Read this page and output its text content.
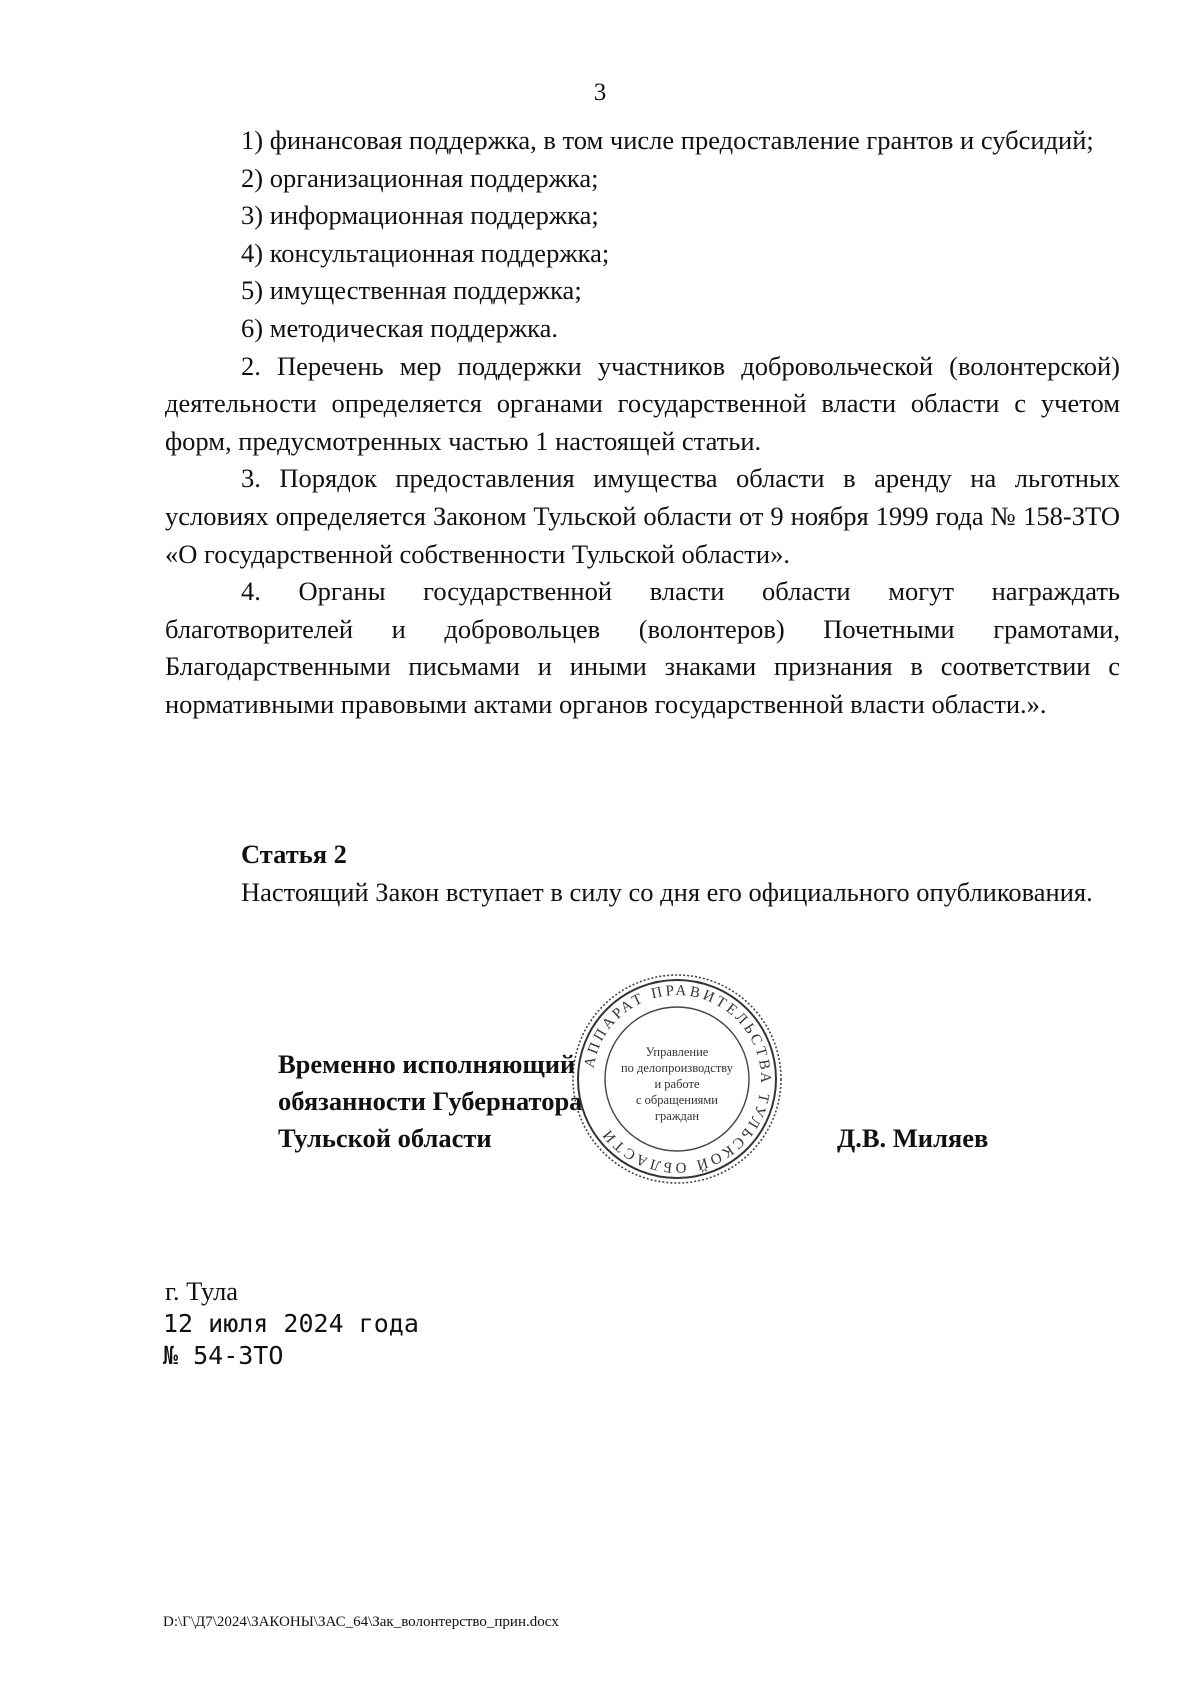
3

1) финансовая поддержка, в том числе предоставление грантов и субсидий;

2) организационная поддержка;

3) информационная поддержка;

4) консультационная поддержка;

5) имущественная поддержка;

6) методическая поддержка.

2. Перечень мер поддержки участников добровольческой (волонтерской) деятельности определяется органами государственной власти области с учетом форм, предусмотренных частью 1 настоящей статьи.

3. Порядок предоставления имущества области в аренду на льготных условиях определяется Законом Тульской области от 9 ноября 1999 года № 158-ЗТО «О государственной собственности Тульской области».

4. Органы государственной власти области могут награждать благотворителей и добровольцев (волонтеров) Почетными грамотами, Благодарственными письмами и иными знаками признания в соответствии с нормативными правовыми актами органов государственной власти области.».

Статья 2

Настоящий Закон вступает в силу со дня его официального опубликования.

Временно исполняющий
обязанности Губернатора
Тульской области
АППАРАТ ПРАВИТЕЛЬСТВА ТУЛЬСКОЙ ОБЛАСТИ
Управление
по делопроизводству
и работе
с обращениями
граждан
Д.В. Миляев
г. Тула
12 июля 2024 года
№ 54-ЗТО
D:\Г\Д7\2024\ЗАКОНЫ\ЗАС_64\Зак_волонтерство_прин.docx
